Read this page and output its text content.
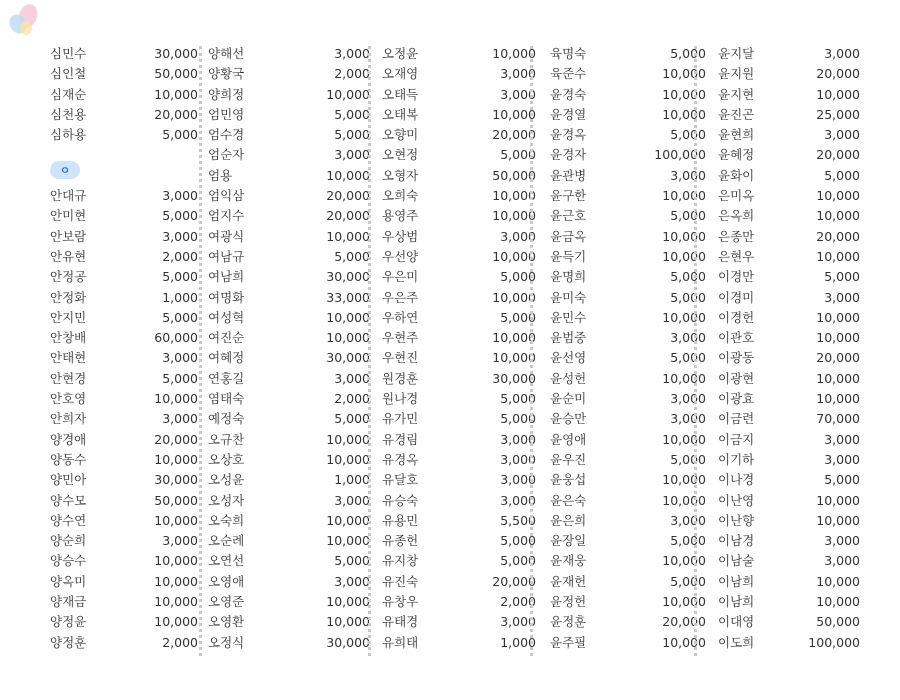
ㅇ
심민수	30,000
심인철	50,000
심재순	10,000
심천용	20,000
심하용	5,000
안대규	3,000
안미현	5,000
안보람	3,000
안유현	2,000
안정공	5,000
안정화	1,000
안지민	5,000
안창배	60,000
안태현	3,000
안현경	5,000
안호영	10,000
안희자	3,000
양경애	20,000
양동수	10,000
양민아	30,000
양수모	50,000
양수연	10,000
양순희	3,000
양승수	10,000
양옥미	10,000
양재금	10,000
양정윤	10,000
양정훈	2,000
양해선	3,000
양황국	2,000
양희정	10,000
엄민영	5,000
엄수경	5,000
엄순자	3,000
엄용	10,000
엄익삼	20,000
엄지수	20,000
여광식	10,000
여남규	5,000
여남희	30,000
여명화	33,000
여성혁	10,000
여진순	10,000
여혜정	30,000
연홍길	3,000
염태숙	2,000
예정숙	5,000
오규찬	10,000
오상호	10,000
오성윤	1,000
오성자	3,000
오숙희	10,000
오순례	10,000
오연선	5,000
오영애	3,000
오영준	10,000
오영환	10,000
오정식	30,000
오정윤	10,000
오재영	3,000
오태득	3,000
오태복	10,000
오향미	20,000
오현정	5,000
오형자	50,000
오희숙	10,000
용영주	10,000
우상범	3,000
우선양	10,000
우은미	5,000
우은주	10,000
우하연	5,000
우현주	10,000
우현진	10,000
원경훈	30,000
원나경	5,000
유가민	5,000
유경림	3,000
유경옥	3,000
유달호	3,000
유승숙	3,000
유용민	5,500
유종헌	5,000
유지창	5,000
유진숙	20,000
유창우	2,000
유태경	3,000
유희태	1,000
육명숙	5,000
육준수	10,000
윤경숙	10,000
윤경열	10,000
윤경옥	5,000
윤경자	100,000
윤관병	3,000
윤구한	10,000
윤근호	5,000
윤금옥	10,000
윤득기	10,000
윤명희	5,000
윤미숙	5,000
윤민수	10,000
윤범중	3,000
윤선영	5,000
윤성헌	10,000
윤순미	3,000
윤승만	3,000
윤영애	10,000
윤우진	5,000
윤웅섭	10,000
윤은숙	10,000
윤은희	3,000
윤장일	5,000
윤재웅	10,000
윤재헌	5,000
윤정헌	10,000
윤정훈	20,000
윤주필	10,000
윤지달	3,000
윤지원	20,000
윤지현	10,000
윤진곤	25,000
윤현희	3,000
윤혜정	20,000
윤화이	5,000
은미옥	10,000
은옥희	10,000
은종만	20,000
은현우	10,000
이경만	5,000
이경미	3,000
이경헌	10,000
이관호	10,000
이광동	20,000
이광현	10,000
이광효	10,000
이금련	70,000
이금지	3,000
이기하	3,000
이나경	5,000
이난영	10,000
이난향	10,000
이남경	3,000
이남술	3,000
이남희	10,000
이남희	10,000
이대영	50,000
이도희	100,000
